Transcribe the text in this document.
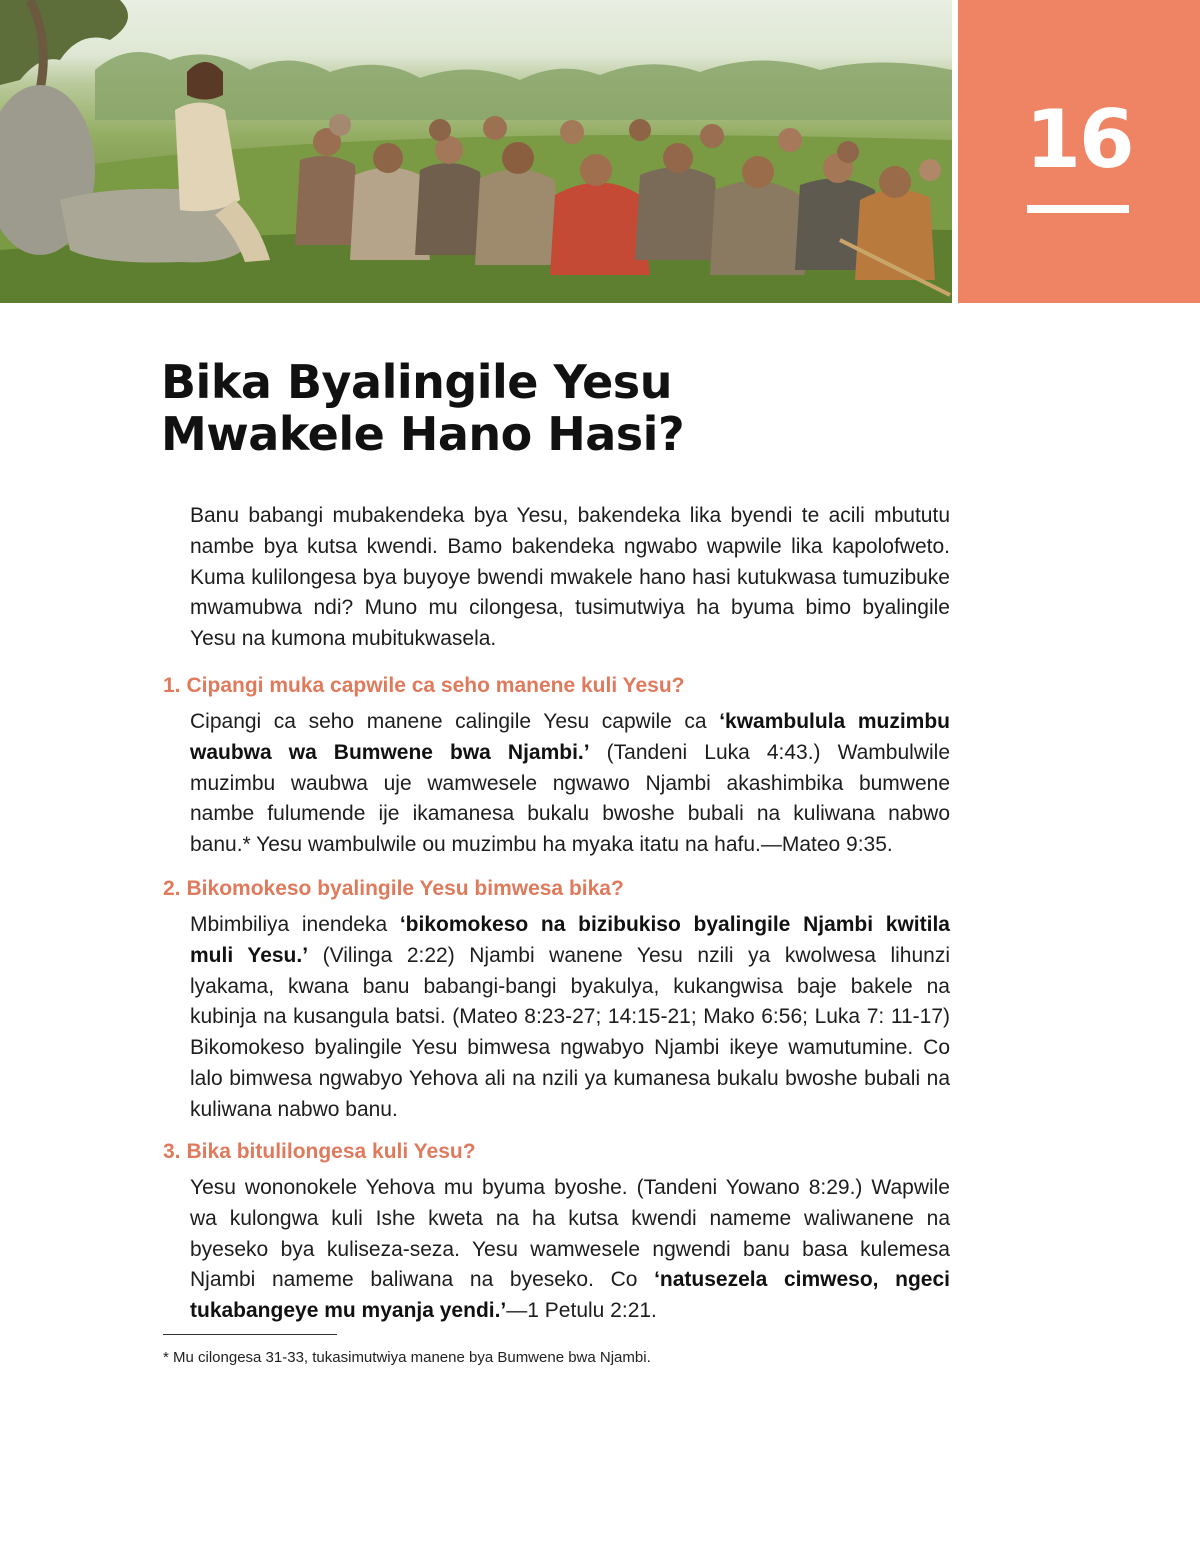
16
Bika Byalingile Yesu
Mwakele Hano Hasi?

Banu babangi mubakendeka bya Yesu, bakendeka lika byendi te acili mbututu nambe bya kutsa kwendi. Bamo bakendeka ngwabo wapwile lika kapolofweto. Kuma kulilongesa bya buyoye bwendi mwakele hano hasi kutukwasa tumuzibuke mwamubwa ndi? Muno mu cilongesa, tusimutwiya ha byuma bimo byalingile Yesu na kumona mubitukwasela.

1. Cipangi muka capwile ca seho manene kuli Yesu?

Cipangi ca seho manene calingile Yesu capwile ca ‘kwambulula muzimbu waubwa wa Bumwene bwa Njambi.’ (Tandeni Luka 4:43.) Wambulwile muzimbu waubwa uje wamwesele ngwawo Njambi akashimbika bumwene nambe fulumende ije ikamanesa bukalu bwoshe bubali na kuliwana nabwo banu.* Yesu wambulwile ou muzimbu ha myaka itatu na hafu.—Mateo 9:35.

2. Bikomokeso byalingile Yesu bimwesa bika?

Mbimbiliya inendeka ‘bikomokeso na bizibukiso byalingile Njambi kwitila muli Yesu.’ (Vilinga 2:22) Njambi wanene Yesu nzili ya kwolwesa lihunzi lyakama, kwana banu babangi-bangi byakulya, kukangwisa baje bakele na kubinja na kusangula batsi. (Mateo 8:23-27; 14:15-21; Mako 6:56; Luka 7: 11-17) Bikomokeso byalingile Yesu bimwesa ngwabyo Njambi ikeye wamutumine. Co lalo bimwesa ngwabyo Yehova ali na nzili ya kumanesa bukalu bwoshe bubali na kuliwana nabwo banu.

3. Bika bitulilongesa kuli Yesu?

Yesu wononokele Yehova mu byuma byoshe. (Tandeni Yowano 8:29.) Wapwile wa kulongwa kuli Ishe kweta na ha kutsa kwendi nameme waliwanene na byeseko bya kuliseza-seza. Yesu wamwesele ngwendi banu basa kulemesa Njambi nameme baliwana na byeseko. Co ‘natusezela cimweso, ngeci tukabangeye mu myanja yendi.’—1 Petulu 2:21.

* Mu cilongesa 31-33, tukasimutwiya manene bya Bumwene bwa Njambi.
